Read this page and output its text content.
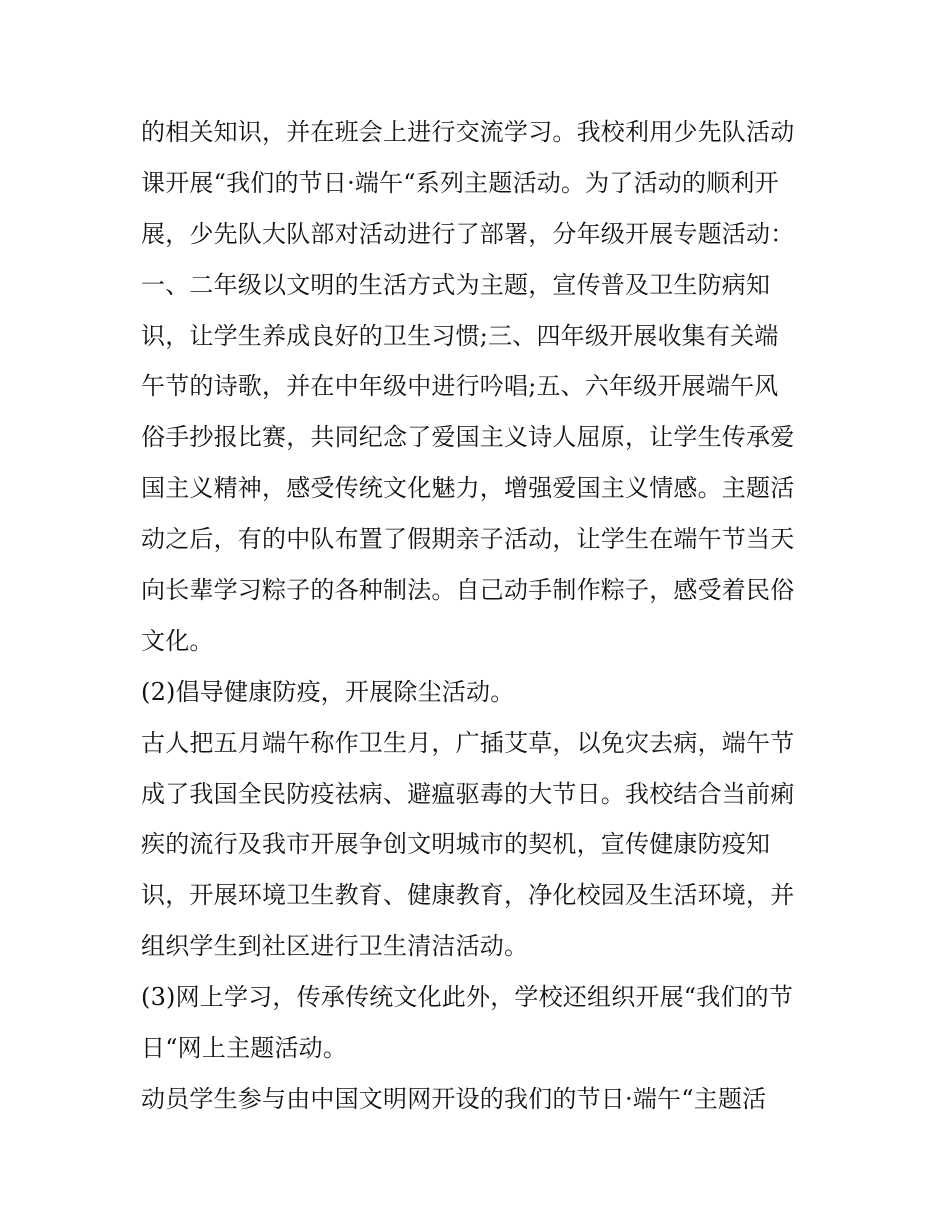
的相关知识，并在班会上进行交流学习。我校利用少先队活动
课开展“我们的节日·端午“系列主题活动。为了活动的顺利开
展，少先队大队部对活动进行了部署，分年级开展专题活动：
一、二年级以文明的生活方式为主题，宣传普及卫生防病知
识，让学生养成良好的卫生习惯;三、四年级开展收集有关端
午节的诗歌，并在中年级中进行吟唱;五、六年级开展端午风
俗手抄报比赛，共同纪念了爱国主义诗人屈原，让学生传承爱
国主义精神，感受传统文化魅力，增强爱国主义情感。主题活
动之后，有的中队布置了假期亲子活动，让学生在端午节当天
向长辈学习粽子的各种制法。自己动手制作粽子，感受着民俗
文化。
(2)倡导健康防疫，开展除尘活动。
古人把五月端午称作卫生月，广插艾草，以免灾去病，端午节
成了我国全民防疫祛病、避瘟驱毒的大节日。我校结合当前痢
疾的流行及我市开展争创文明城市的契机，宣传健康防疫知
识，开展环境卫生教育、健康教育，净化校园及生活环境，并
组织学生到社区进行卫生清洁活动。
(3)网上学习，传承传统文化此外，学校还组织开展“我们的节
日“网上主题活动。
动员学生参与由中国文明网开设的我们的节日·端午“主题活
